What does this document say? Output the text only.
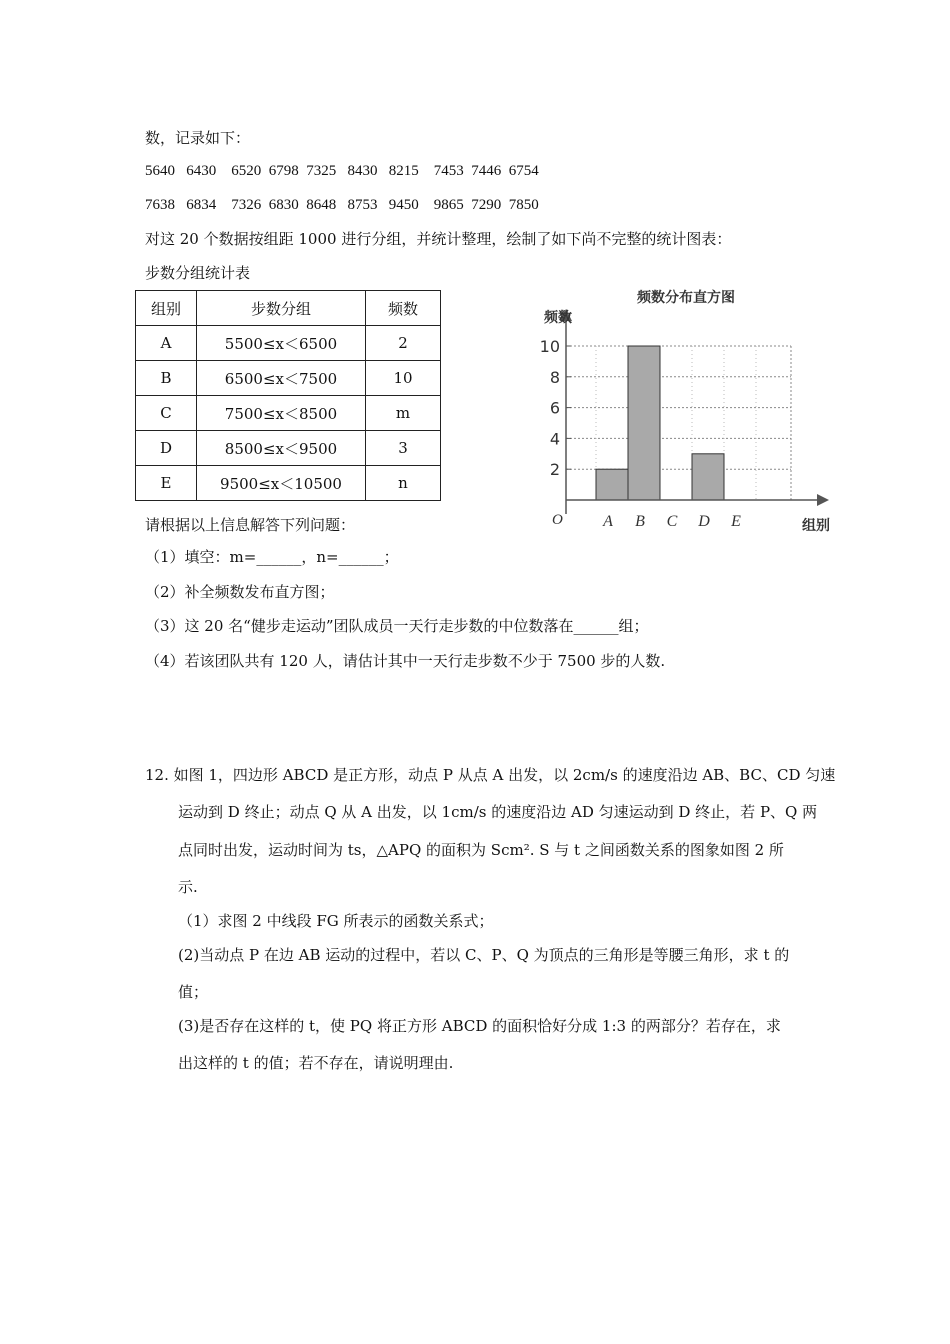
数，记录如下：
5640   6430    6520  6798  7325   8430   8215    7453  7446  6754
7638   6834    7326  6830  8648   8753   9450    9865  7290  7850
对这 20 个数据按组距 1000 进行分组，并统计整理，绘制了如下尚不完整的统计图表：
步数分组统计表
组别	步数分组	频数
A	5500≤x＜6500	2
B	6500≤x＜7500	10
C	7500≤x＜8500	m
D	8500≤x＜9500	3
E	9500≤x＜10500	n
2
4
6
8
10
A B C D E
频数分布直方图
频数
组别
O
请根据以上信息解答下列问题：
（1）填空：m=______，n=______；
（2）补全频数发布直方图；
（3）这 20 名“健步走运动”团队成员一天行走步数的中位数落在______组；
（4）若该团队共有 120 人，请估计其中一天行走步数不少于 7500 步的人数.
12. 如图 1，四边形 ABCD 是正方形，动点 P 从点 A 出发，以 2cm/s 的速度沿边 AB、BC、CD 匀速
运动到 D 终止；动点 Q 从 A 出发，以 1cm/s 的速度沿边 AD 匀速运动到 D 终止，若 P、Q 两
点同时出发，运动时间为 ts，△APQ 的面积为 Scm². S 与 t 之间函数关系的图象如图 2 所
示.
（1）求图 2 中线段 FG 所表示的函数关系式；
(2)当动点 P 在边 AB 运动的过程中，若以 C、P、Q 为顶点的三角形是等腰三角形，求 t 的
值；
(3)是否存在这样的 t，使 PQ 将正方形 ABCD 的面积恰好分成 1:3 的两部分？若存在，求
出这样的 t 的值；若不存在，请说明理由.
